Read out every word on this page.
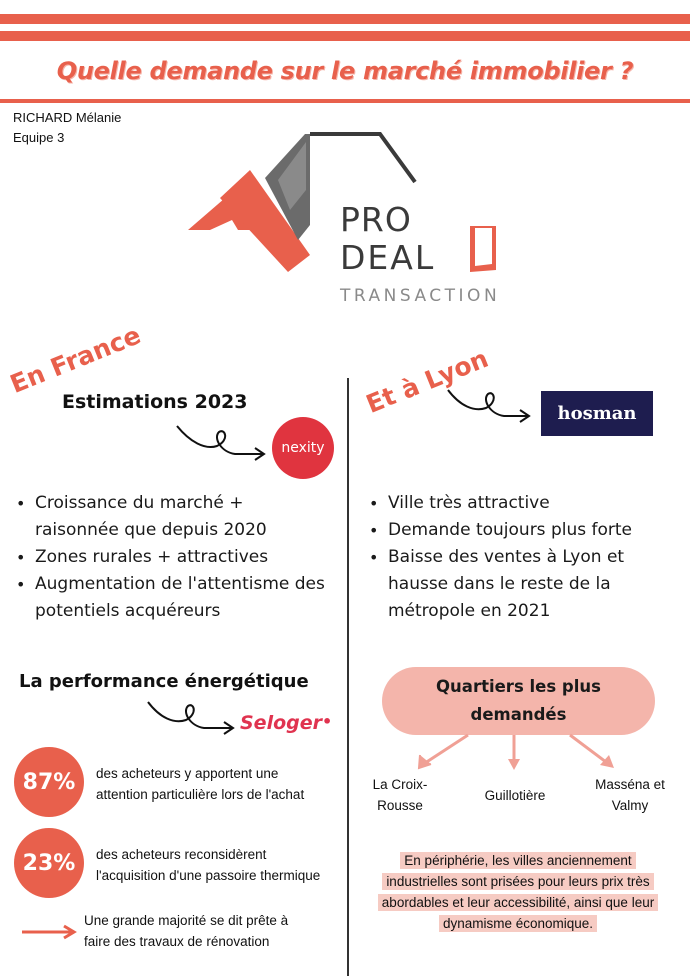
Quelle demande sur le marché immobilier ?
RICHARD Mélanie
Equipe 3
PRO
DEAL
TRANSACTION
En France
Estimations 2023
nexity
• Croissance du marché +
raisonnée que depuis 2020
• Zones rurales + attractives
• Augmentation de l'attentisme des
potentiels acquéreurs
Et à Lyon	hosman
• Ville très attractive
• Demande toujours plus forte
• Baisse des ventes à Lyon et
hausse dans le reste de la
métropole en 2021
La performance énergétique
Seloger•
87%	des acheteurs y apportent une
attention particulière lors de l'achat
23%	des acheteurs reconsidèrent
l'acquisition d'une passoire thermique
Une grande majorité se dit prête à
faire des travaux de rénovation
Quartiers les plus
demandés
La Croix-
Rousse
Guillotière
Masséna et
Valmy
En périphérie, les villes anciennement
industrielles sont prisées pour leurs prix très
abordables et leur accessibilité, ainsi que leur
dynamisme économique.
